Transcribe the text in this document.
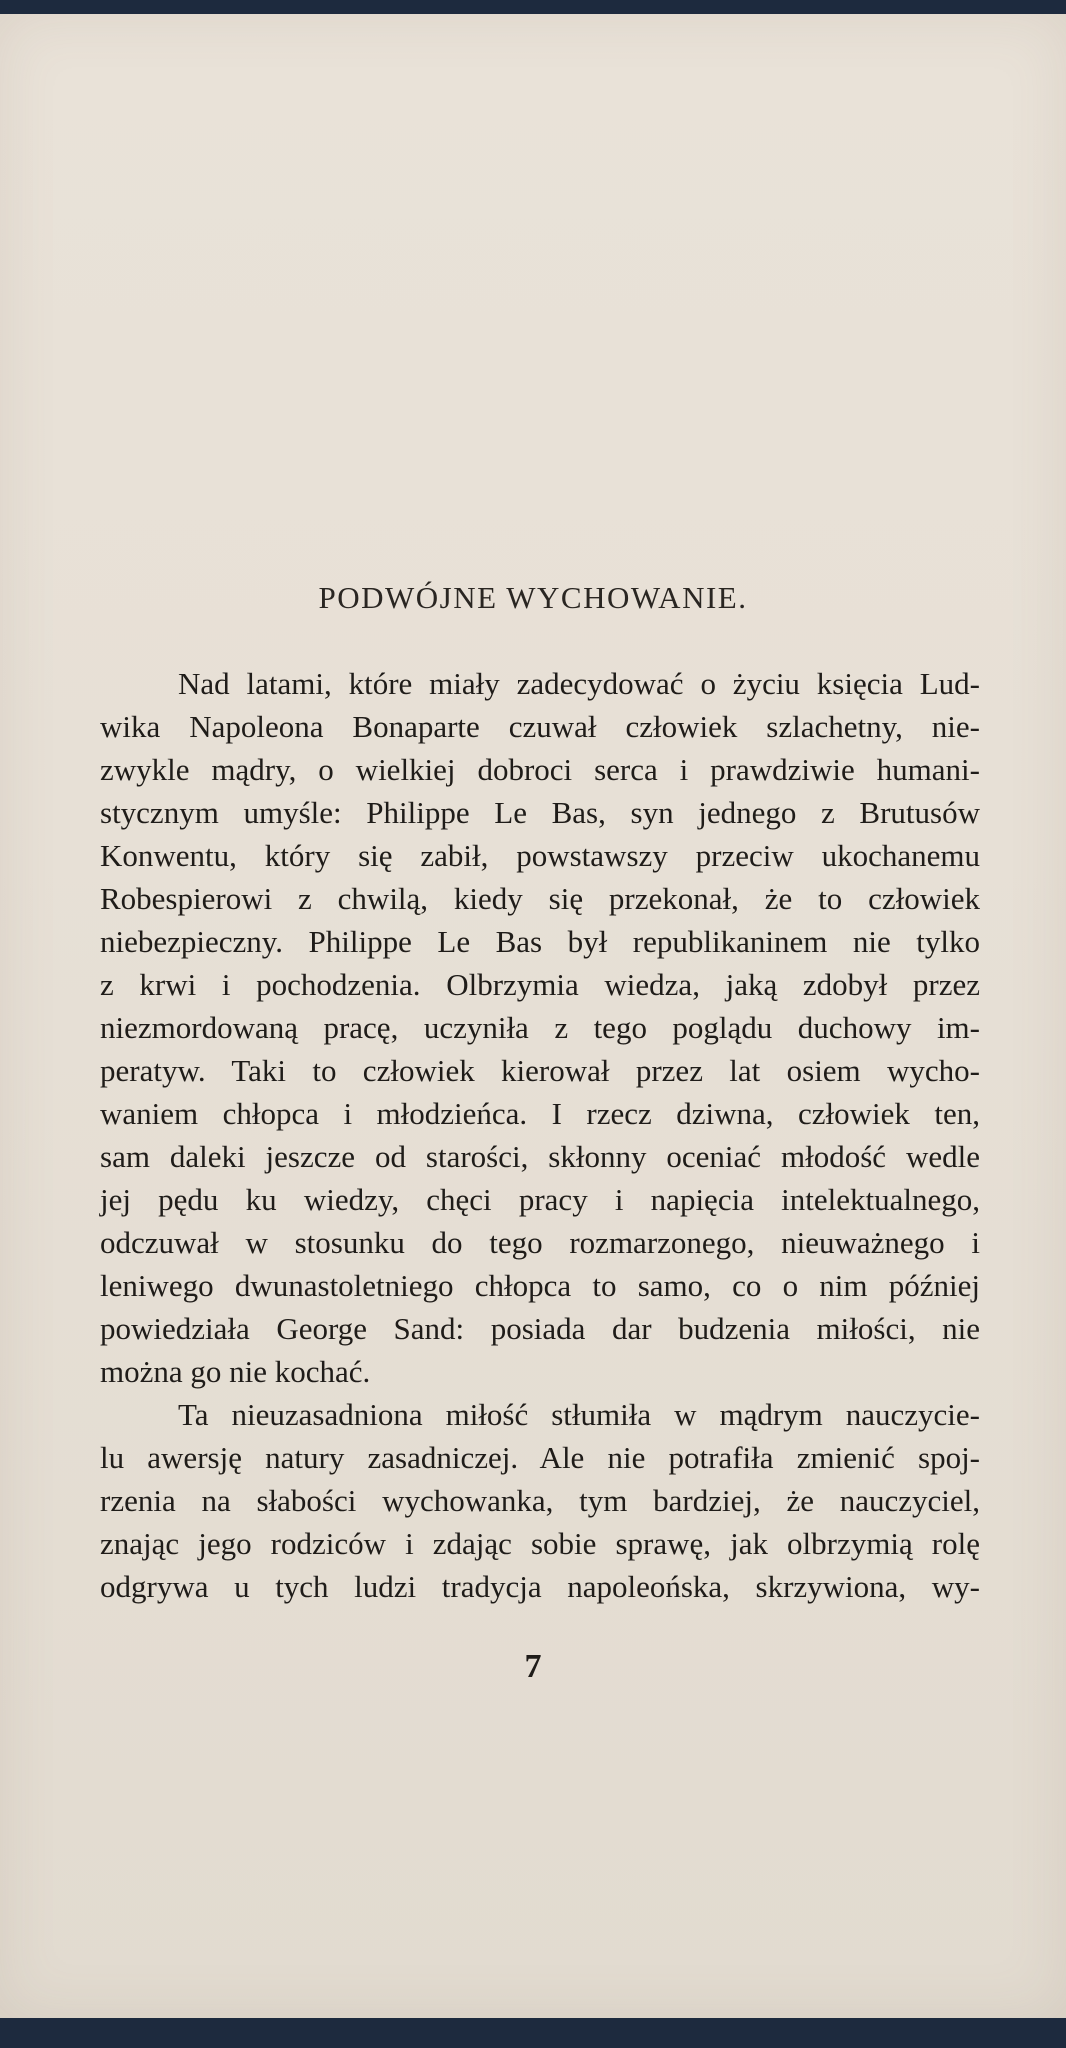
PODWÓJNE WYCHOWANIE.
Nad latami, które miały zadecydować o życiu księcia Lud-
wika Napoleona Bonaparte czuwał człowiek szlachetny, nie-
zwykle mądry, o wielkiej dobroci serca i prawdziwie humani-
stycznym umyśle: Philippe Le Bas, syn jednego z Brutusów
Konwentu, który się zabił, powstawszy przeciw ukochanemu
Robespierowi z chwilą, kiedy się przekonał, że to człowiek
niebezpieczny. Philippe Le Bas był republikaninem nie tylko
z krwi i pochodzenia. Olbrzymia wiedza, jaką zdobył przez
niezmordowaną pracę, uczyniła z tego poglądu duchowy im-
peratyw. Taki to człowiek kierował przez lat osiem wycho-
waniem chłopca i młodzieńca. I rzecz dziwna, człowiek ten,
sam daleki jeszcze od starości, skłonny oceniać młodość wedle
jej pędu ku wiedzy, chęci pracy i napięcia intelektualnego,
odczuwał w stosunku do tego rozmarzonego, nieuważnego i
leniwego dwunastoletniego chłopca to samo, co o nim później
powiedziała George Sand: posiada dar budzenia miłości, nie
można go nie kochać.
Ta nieuzasadniona miłość stłumiła w mądrym nauczycie-
lu awersję natury zasadniczej. Ale nie potrafiła zmienić spoj-
rzenia na słabości wychowanka, tym bardziej, że nauczyciel,
znając jego rodziców i zdając sobie sprawę, jak olbrzymią rolę
odgrywa u tych ludzi tradycja napoleońska, skrzywiona, wy-
7
